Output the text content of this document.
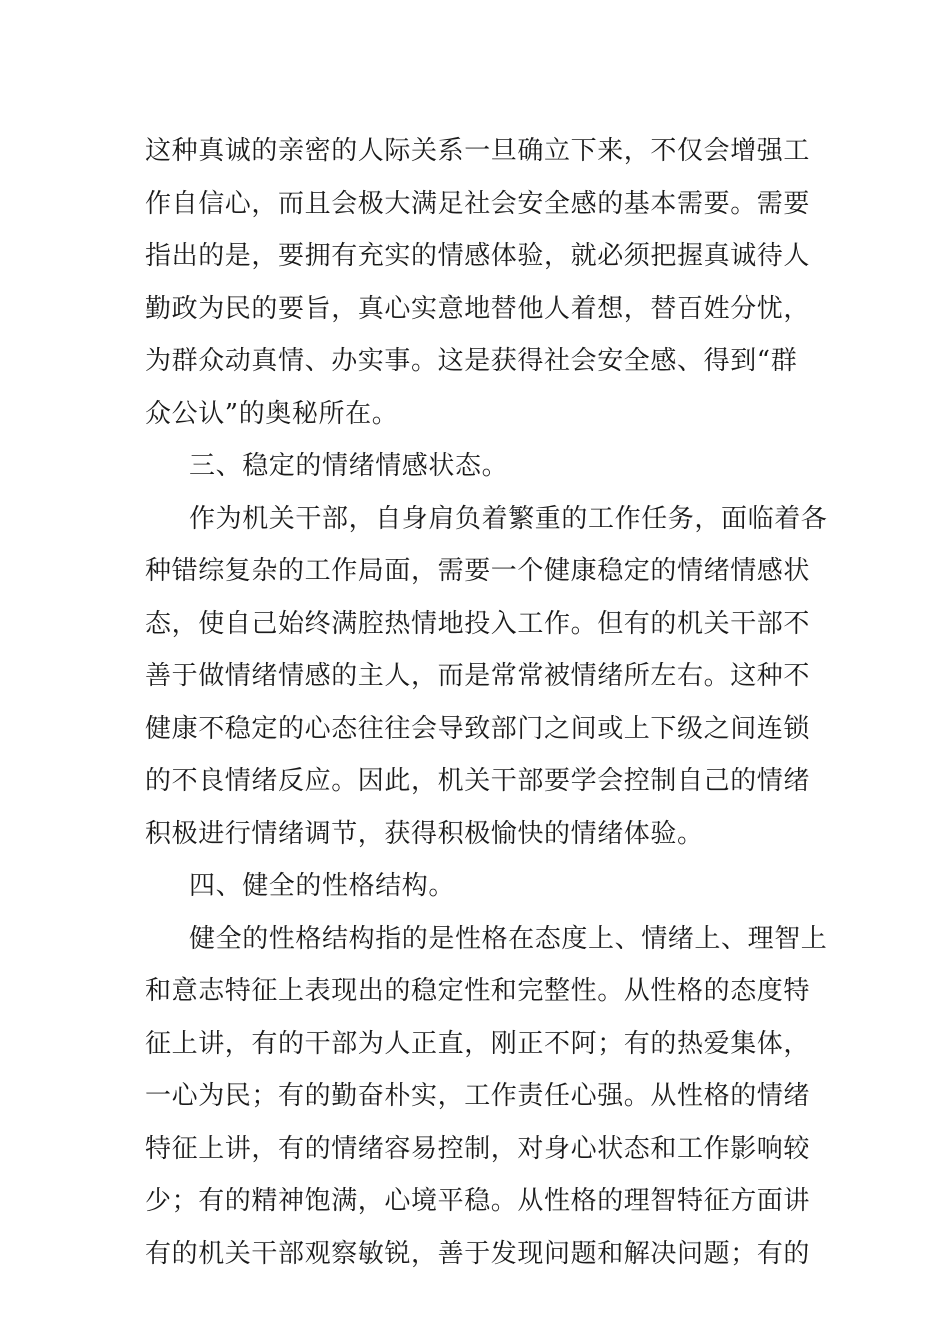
这种真诚的亲密的人际关系一旦确立下来，不仅会增强工
作自信心，而且会极大满足社会安全感的基本需要。需要
指出的是，要拥有充实的情感体验，就必须把握真诚待人
勤政为民的要旨，真心实意地替他人着想，替百姓分忧，
为群众动真情、办实事。这是获得社会安全感、得到“群
众公认”的奥秘所在。
三、稳定的情绪情感状态。
作为机关干部，自身肩负着繁重的工作任务，面临着各
种错综复杂的工作局面，需要一个健康稳定的情绪情感状
态，使自己始终满腔热情地投入工作。但有的机关干部不
善于做情绪情感的主人，而是常常被情绪所左右。这种不
健康不稳定的心态往往会导致部门之间或上下级之间连锁
的不良情绪反应。因此，机关干部要学会控制自己的情绪
积极进行情绪调节，获得积极愉快的情绪体验。
四、健全的性格结构。
健全的性格结构指的是性格在态度上、情绪上、理智上
和意志特征上表现出的稳定性和完整性。从性格的态度特
征上讲，有的干部为人正直，刚正不阿；有的热爱集体，
一心为民；有的勤奋朴实，工作责任心强。从性格的情绪
特征上讲，有的情绪容易控制，对身心状态和工作影响较
少；有的精神饱满，心境平稳。从性格的理智特征方面讲
有的机关干部观察敏锐，善于发现问题和解决问题；有的
